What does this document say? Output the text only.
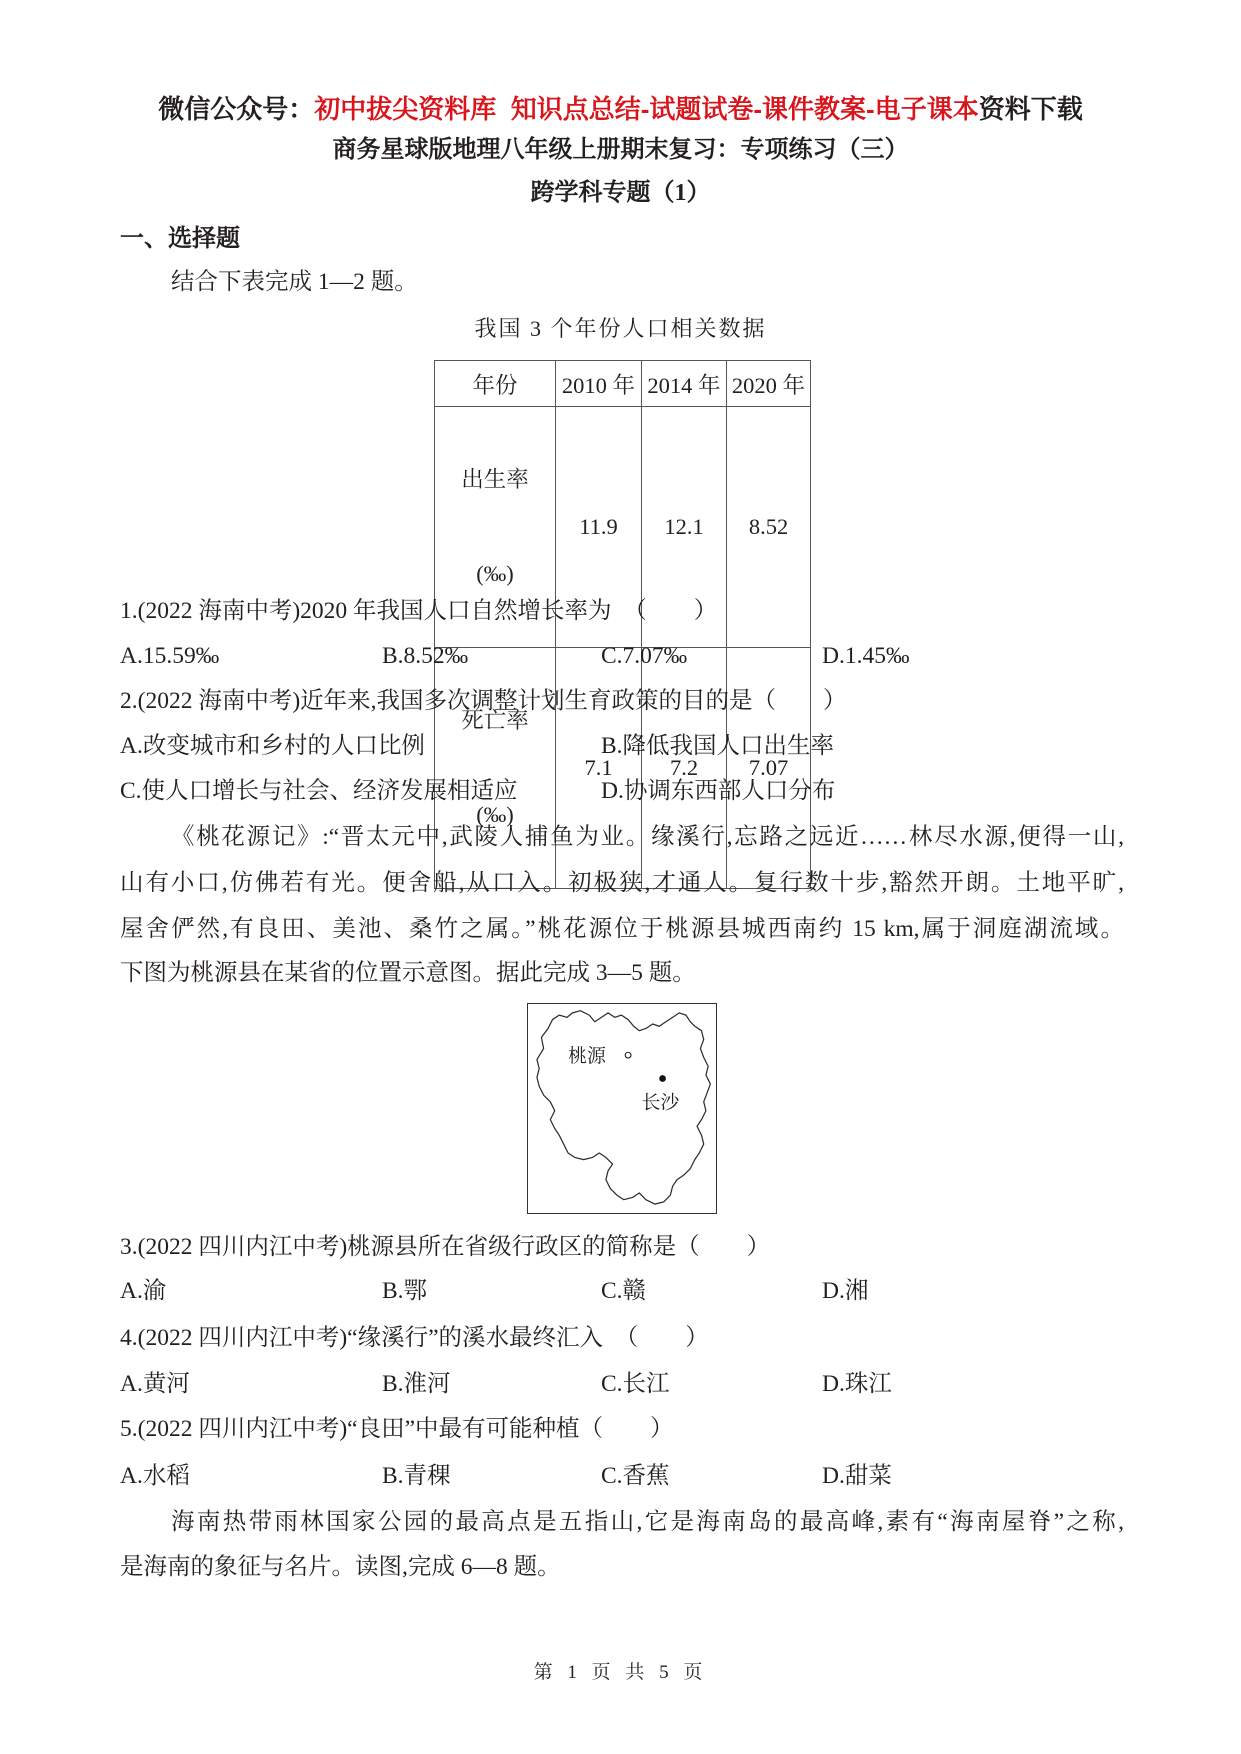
微信公众号：初中拔尖资料库  知识点总结-试题试卷-课件教案-电子课本资料下载
商务星球版地理八年级上册期末复习：专项练习（三）
跨学科专题（1）
一、选择题
结合下表完成 1—2 题。
我国 3 个年份人口相关数据
年份	2010 年	2014 年	2020 年

出生率

(‰)	11.9	12.1	8.52

死亡率

(‰)	7.1	7.2	7.07
1.(2022 海南中考)2020 年我国人口自然增长率为　（　　）
A.15.59‰	B.8.52‰	C.7.07‰	D.1.45‰
2.(2022 海南中考)近年来,我国多次调整计划生育政策的目的是（　　）
A.改变城市和乡村的人口比例	B.降低我国人口出生率
C.使人口增长与社会、经济发展相适应	D.协调东西部人口分布
《桃花源记》:“晋太元中,武陵人捕鱼为业。缘溪行,忘路之远近……林尽水源,便得一山,
山有小口,仿佛若有光。便舍船,从口入。初极狭,才通人。复行数十步,豁然开朗。土地平旷,
屋舍俨然,有良田、美池、桑竹之属。”桃花源位于桃源县城西南约 15 km,属于洞庭湖流域。
下图为桃源县在某省的位置示意图。据此完成 3—5 题。
桃源
长沙
3.(2022 四川内江中考)桃源县所在省级行政区的简称是（　　）
A.渝	B.鄂	C.赣	D.湘
4.(2022 四川内江中考)“缘溪行”的溪水最终汇入　（　　）
A.黄河	B.淮河	C.长江	D.珠江
5.(2022 四川内江中考)“良田”中最有可能种植（　　）
A.水稻	B.青稞	C.香蕉	D.甜菜
海南热带雨林国家公园的最高点是五指山,它是海南岛的最高峰,素有“海南屋脊”之称,
是海南的象征与名片。读图,完成 6—8 题。
第 1 页 共 5 页
